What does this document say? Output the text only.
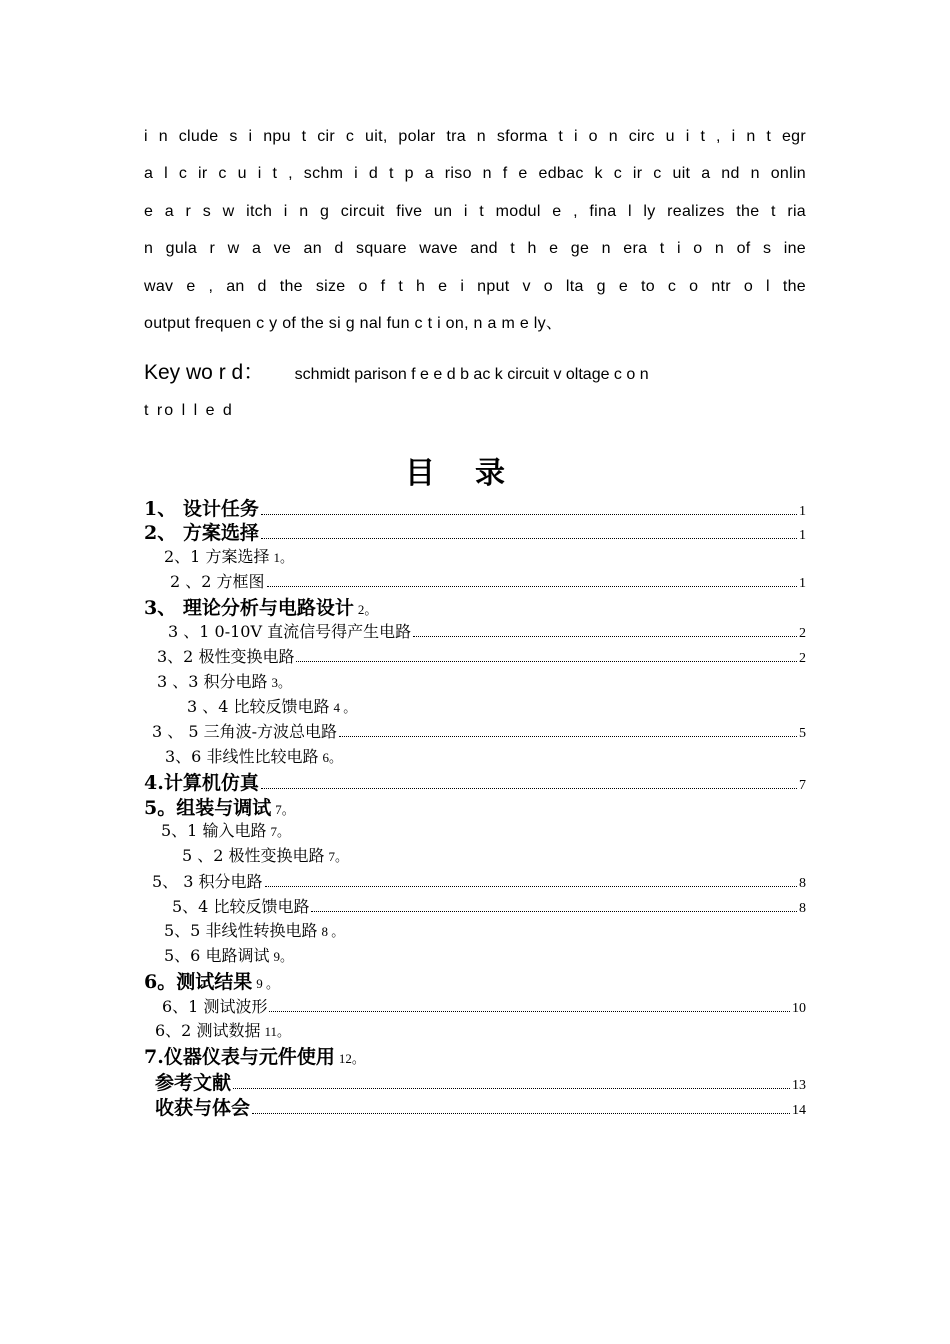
i n clude s i npu t cir c uit, polar tra n sforma t i o n circ u i t , i n t egr
a l c ir c u i t , schm i d t p a riso n f e edbac k c ir c uit a nd n onlin
e a r s w itch i n g circuit five un i t modul e , fina l ly realizes the t ria
n gula r w a ve an d square wave and t h e ge n era t i o n of s ine
wav e , an d the size o f t h e i nput v o lta g e to c o ntr o l the
output frequen c y of the si g nal fun c t i on, n a m e ly、
Key wo r d： schmidt parison f e e d b ac k circuit v oltage c o n
t ro l l e d
目录
1、 设计任务	1
2、 方案选择	1
2、1 方案选择 1。
2 、2 方框图	1
3、 理论分析与电路设计 2。
3 、1 0-10V 直流信号得产生电路	2
3、2 极性变换电路	2
3 、3 积分电路 3。
3 、4 比较反馈电路 4 。
3 、 5 三角波-方波总电路	5
3、6 非线性比较电路 6。
4.计算机仿真	7
5。组装与调试 7。
5、1 输入电路 7。
5 、2 极性变换电路 7。
5、 3 积分电路	8
5、4 比较反馈电路	8
5、5 非线性转换电路 8 。
5、6 电路调试 9。
6。测试结果 9 。
6、1 测试波形	10
6、2 测试数据 11。
7.仪器仪表与元件使用 12。
参考文献	13
收获与体会	14
